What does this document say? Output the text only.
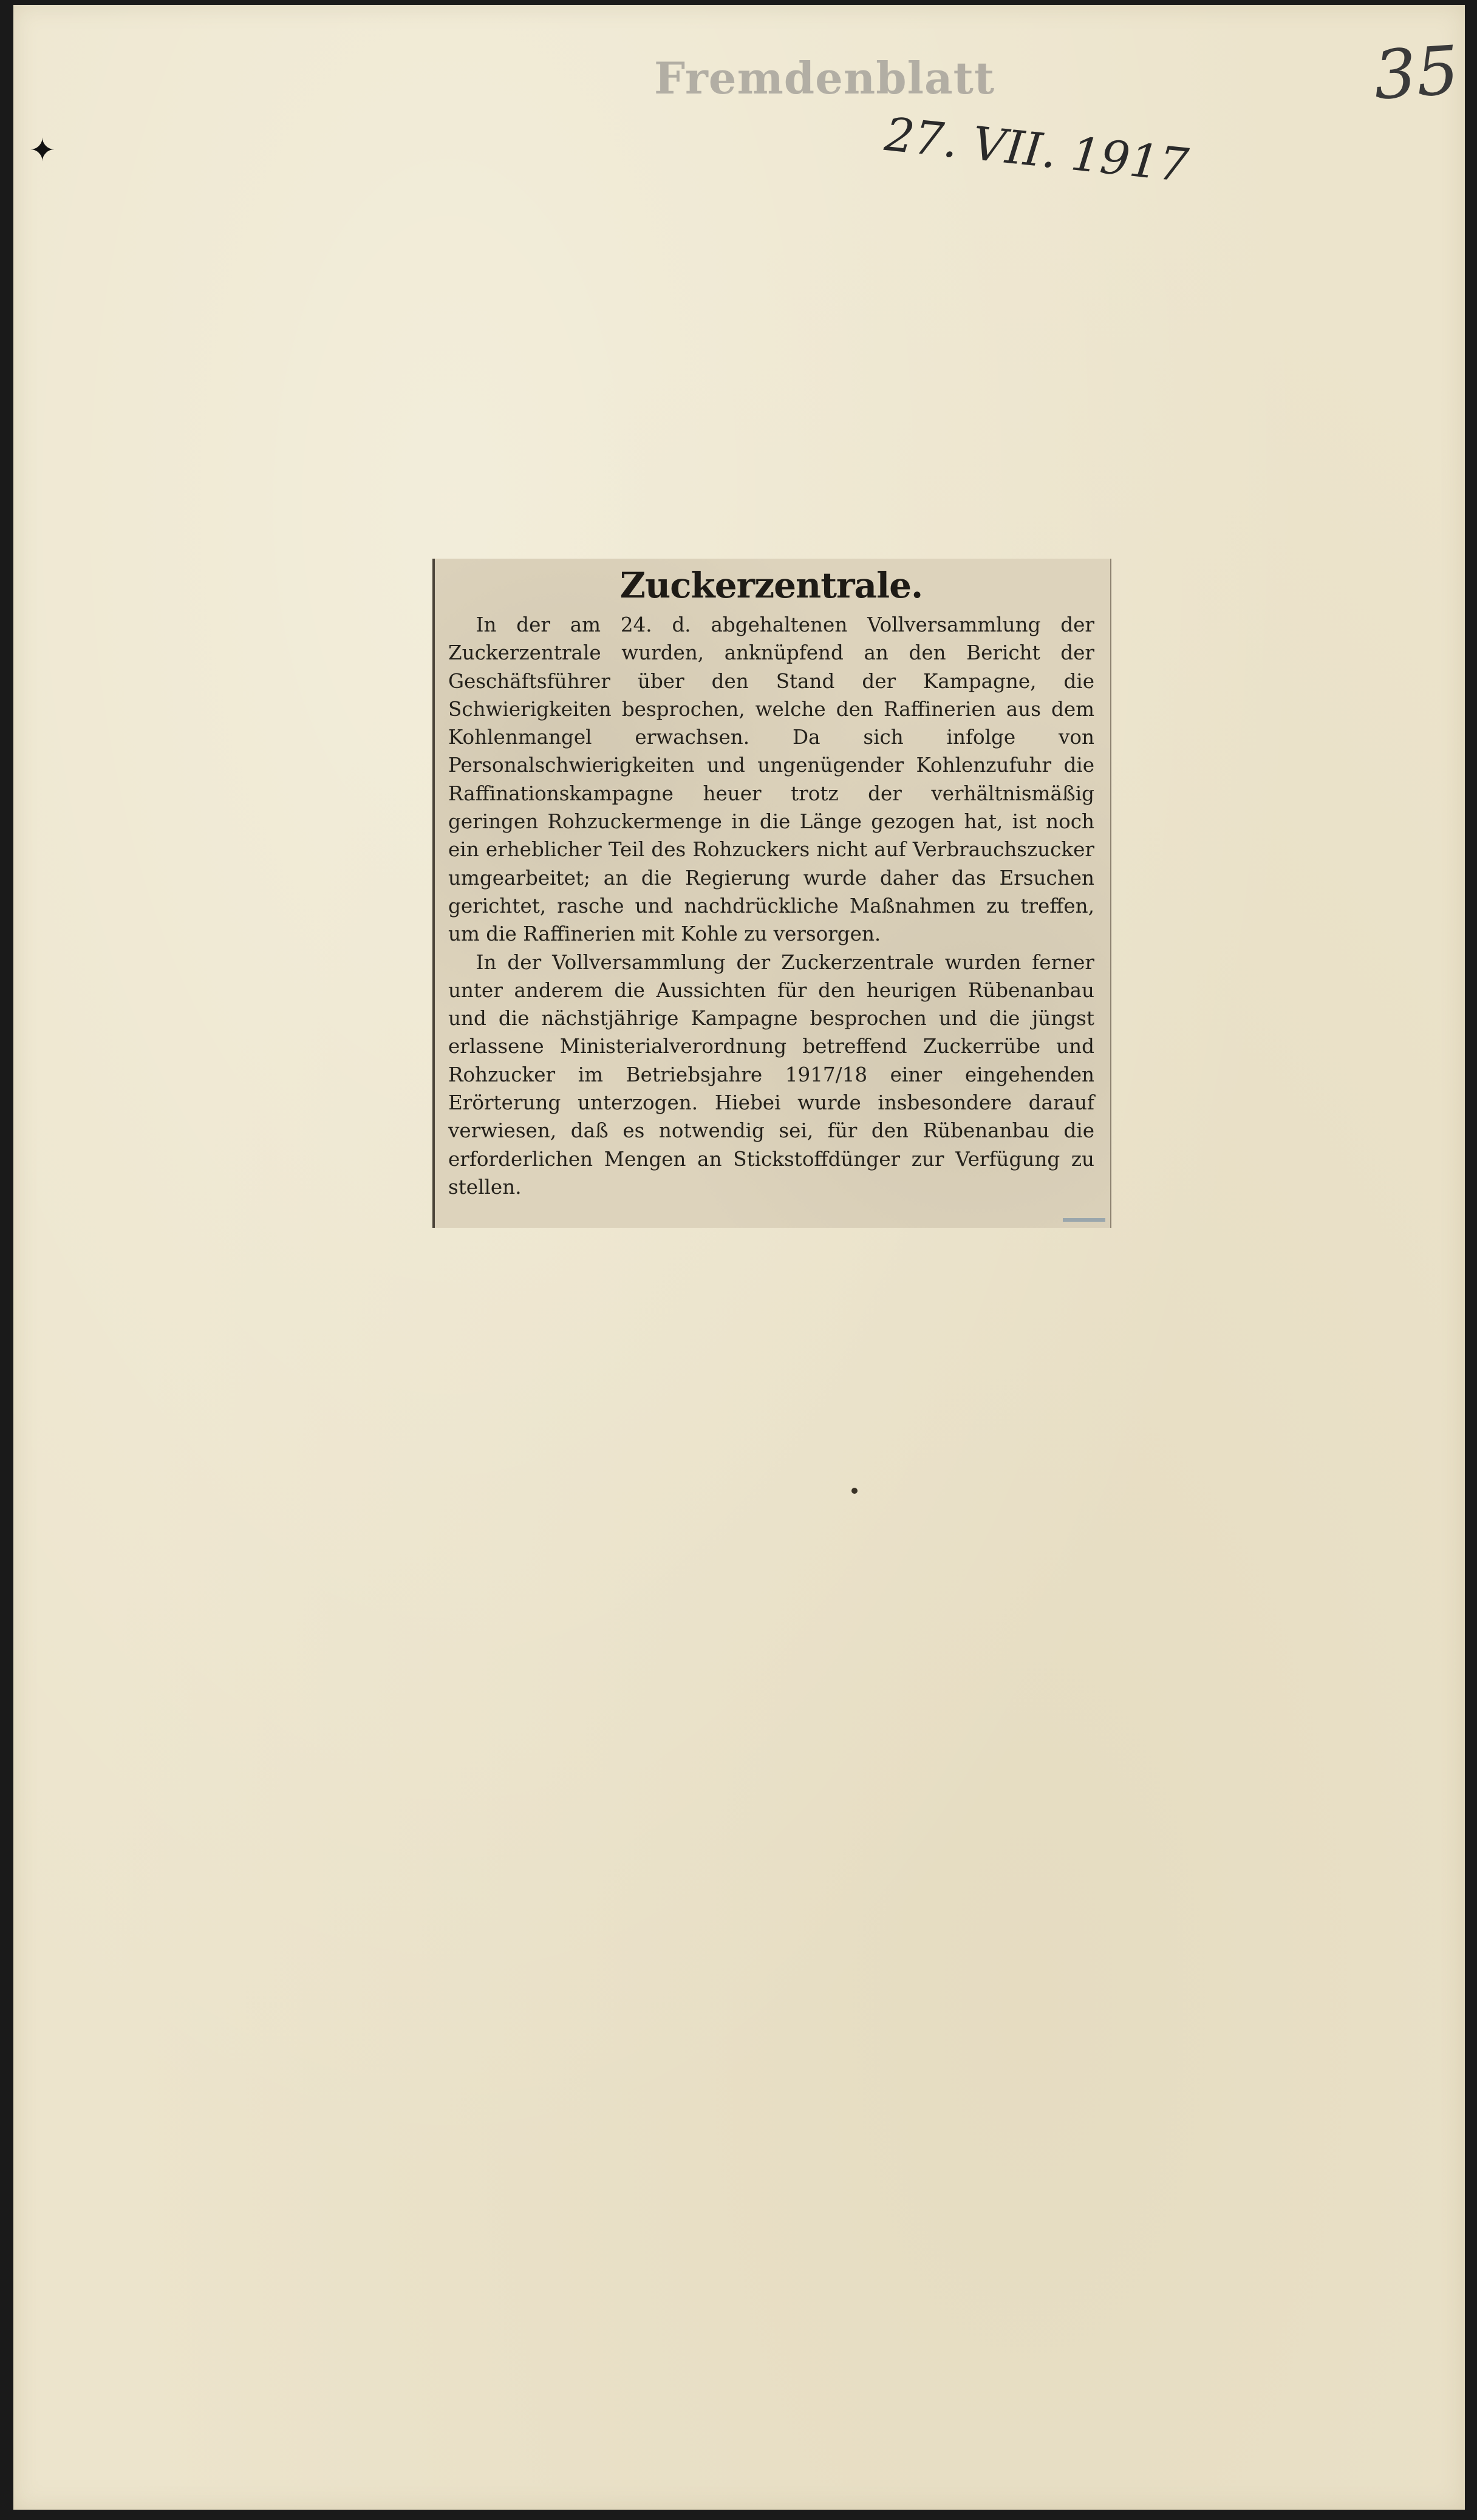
Fremdenblatt
27. VII. 1917
35
✦
Zuckerzentrale.

In der am 24. d. abgehaltenen Vollversammlung der Zuckerzentrale wurden, anknüpfend an den Bericht der Geschäftsführer über den Stand der Kampagne, die Schwierigkeiten besprochen, welche den Raffinerien aus dem Kohlenmangel erwachsen. Da sich infolge von Personalschwierigkeiten und ungenügender Kohlenzufuhr die Raffinationskampagne heuer trotz der verhältnismäßig geringen Rohzuckermenge in die Länge gezogen hat, ist noch ein erheblicher Teil des Rohzuckers nicht auf Verbrauchszucker umgearbeitet; an die Regierung wurde daher das Ersuchen gerichtet, rasche und nachdrückliche Maßnahmen zu treffen, um die Raffinerien mit Kohle zu versorgen.

In der Vollversammlung der Zuckerzentrale wurden ferner unter anderem die Aussichten für den heurigen Rübenanbau und die nächstjährige Kampagne besprochen und die jüngst erlassene Ministerialverordnung betreffend Zuckerrübe und Rohzucker im Betriebsjahre 1917/18 einer eingehenden Erörterung unterzogen. Hiebei wurde insbesondere darauf verwiesen, daß es notwendig sei, für den Rübenanbau die erforderlichen Mengen an Stickstoffdünger zur Verfügung zu stellen.
